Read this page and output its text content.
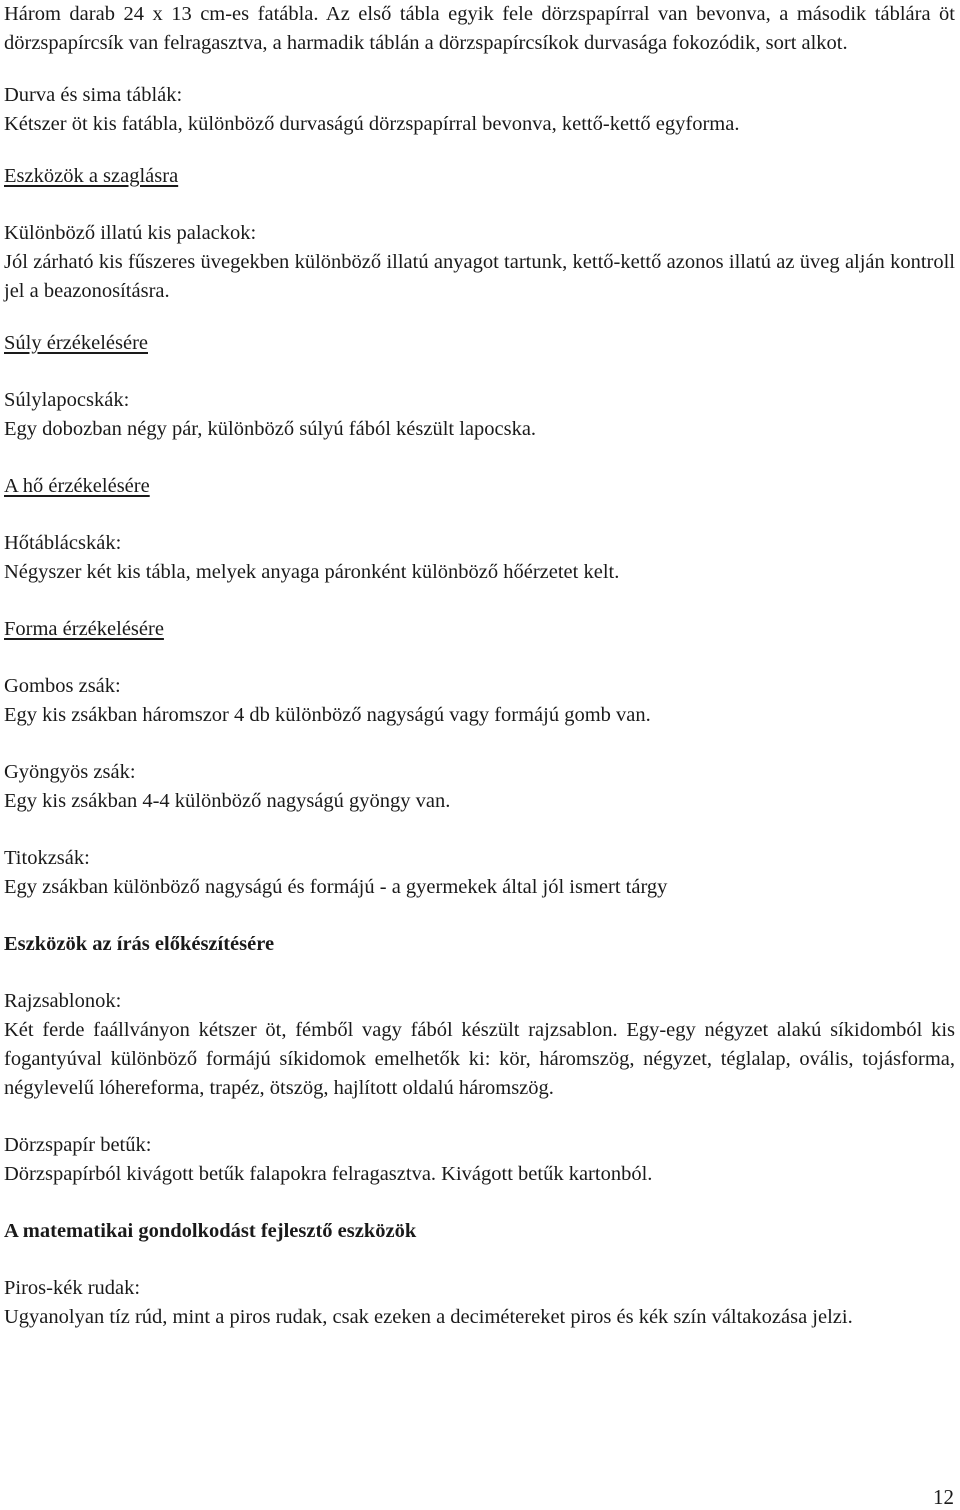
Három darab 24 x 13 cm-es fatábla. Az első tábla egyik fele dörzspapírral van bevonva, a második táblára öt dörzspapírcsík van felragasztva, a harmadik táblán a dörzspapírcsíkok durvasága fokozódik, sort alkot.

Durva és sima táblák:

Kétszer öt kis fatábla, különböző durvaságú dörzspapírral bevonva, kettő-kettő egyforma.

Eszközök a szaglásra

Különböző illatú kis palackok:

Jól zárható kis fűszeres üvegekben különböző illatú anyagot tartunk, kettő-kettő azonos illatú az üveg alján kontroll jel a beazonosításra.

Súly érzékelésére

Súlylapocskák:

Egy dobozban négy pár, különböző súlyú fából készült lapocska.

A hő érzékelésére

Hőtáblácskák:

Négyszer két kis tábla, melyek anyaga páronként különböző hőérzetet kelt.

Forma érzékelésére

Gombos zsák:

Egy kis zsákban háromszor 4 db különböző nagyságú vagy formájú gomb van.

Gyöngyös zsák:

Egy kis zsákban 4-4 különböző nagyságú gyöngy van.

Titokzsák:

Egy zsákban különböző nagyságú és formájú - a gyermekek által jól ismert tárgy

Eszközök az írás előkészítésére

Rajzsablonok:

Két ferde faállványon kétszer öt, fémből vagy fából készült rajzsablon. Egy-egy négyzet alakú síkidomból kis fogantyúval különböző formájú síkidomok emelhetők ki: kör, háromszög, négyzet, téglalap, ovális, tojásforma, négylevelű lóhereforma, trapéz, ötszög, hajlított oldalú háromszög.

Dörzspapír betűk:

Dörzspapírból kivágott betűk falapokra felragasztva. Kivágott betűk kartonból.

A matematikai gondolkodást fejlesztő eszközök

Piros-kék rudak:

Ugyanolyan tíz rúd, mint a piros rudak, csak ezeken a decimétereket piros és kék szín váltakozása jelzi.

12
